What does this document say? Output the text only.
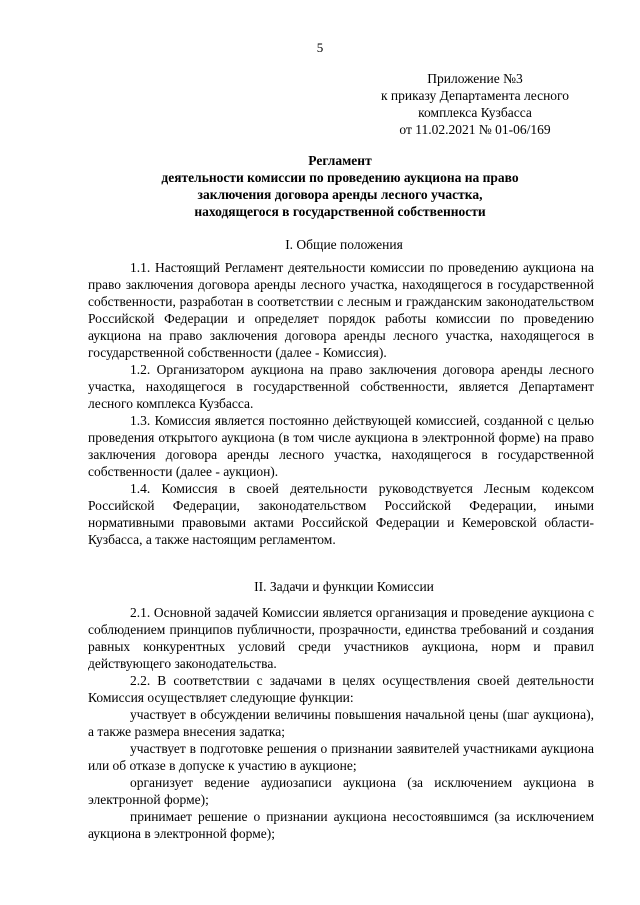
5
Приложение №3
к приказу Департамента лесного
комплекса Кузбасса
от 11.02.2021 № 01-06/169
Регламент
деятельности комиссии по проведению аукциона на право
заключения договора аренды лесного участка,
находящегося в государственной собственности
I. Общие положения

1.1. Настоящий Регламент деятельности комиссии по проведению аукциона на право заключения договора аренды лесного участка, находящегося в государственной собственности, разработан в соответствии с лесным и гражданским законодательством Российской Федерации и определяет порядок работы комиссии по проведению аукциона на право заключения договора аренды лесного участка, находящегося в государственной собственности (далее - Комиссия).

1.2. Организатором аукциона на право заключения договора аренды лесного участка, находящегося в государственной собственности, является Департамент лесного комплекса Кузбасса.

1.3. Комиссия является постоянно действующей комиссией, созданной с целью проведения открытого аукциона (в том числе аукциона в электронной форме) на право заключения договора аренды лесного участка, находящегося в государственной собственности (далее - аукцион).

1.4. Комиссия в своей деятельности руководствуется Лесным кодексом Российской Федерации, законодательством Российской Федерации, иными нормативными правовыми актами Российской Федерации и Кемеровской области-Кузбасса, а также настоящим регламентом.

II. Задачи и функции Комиссии

2.1. Основной задачей Комиссии является организация и проведение аукциона с соблюдением принципов публичности, прозрачности, единства требований и создания равных конкурентных условий среди участников аукциона, норм и правил действующего законодательства.

2.2. В соответствии с задачами в целях осуществления своей деятельности Комиссия осуществляет следующие функции:

участвует в обсуждении величины повышения начальной цены (шаг аукциона), а также размера внесения задатка;

участвует в подготовке решения о признании заявителей участниками аукциона или об отказе в допуске к участию в аукционе;

организует ведение аудиозаписи аукциона (за исключением аукциона в электронной форме);

принимает решение о признании аукциона несостоявшимся (за исключением аукциона в электронной форме);
